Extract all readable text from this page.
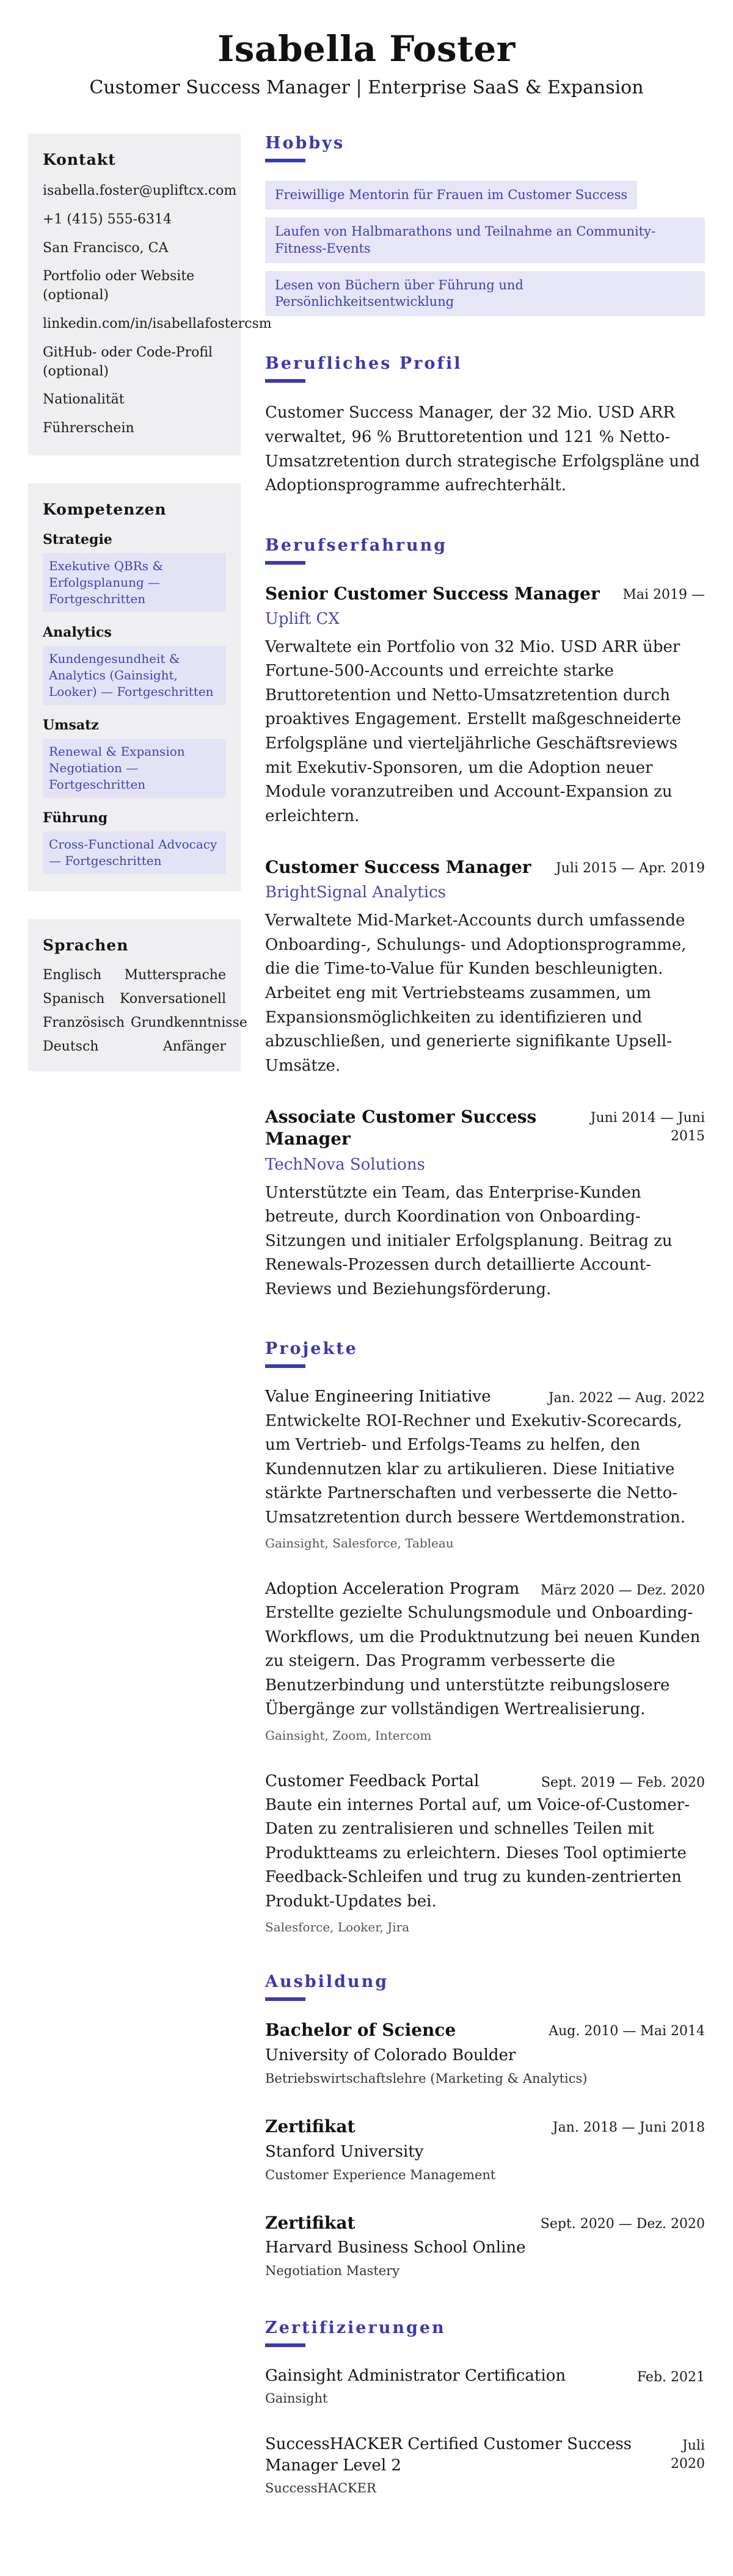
Isabella Foster
Customer Success Manager | Enterprise SaaS & Expansion
Kontakt
isabella.foster@upliftcx.com
+1 (415) 555-6314
San Francisco, CA
Portfolio oder Website (optional)
linkedin.com/in/isabellafostercsm
GitHub- oder Code-Profil (optional)
Nationalität
Führerschein
Kompetenzen
Strategie
Exekutive QBRs & Erfolgsplanung — Fortgeschritten
Analytics
Kundengesundheit & Analytics (Gainsight, Looker) — Fortgeschritten
Umsatz
Renewal & Expansion Negotiation — Fortgeschritten
Führung
Cross-Functional Advocacy — Fortgeschritten
Sprachen
Englisch Muttersprache
Spanisch Konversationell
Französisch Grundkenntnisse
Deutsch	Anfänger
Hobbys
Freiwillige Mentorin für Frauen im Customer Success
Laufen von Halbmarathons und Teilnahme an Community-Fitness-Events
Lesen von Büchern über Führung und Persönlichkeitsentwicklung
Berufliches Profil

Customer Success Manager, der 32 Mio. USD ARR verwaltet, 96 % Bruttoretention und 121 % Netto-Umsatzretention durch strategische Erfolgspläne und Adoptionsprogramme aufrechterhält.

Berufserfahrung
Senior Customer Success Manager Mai 2019 —
Uplift CX

Verwaltete ein Portfolio von 32 Mio. USD ARR über Fortune-500-Accounts und erreichte starke Bruttoretention und Netto-Umsatzretention durch proaktives Engagement. Erstellt maßgeschneiderte Erfolgspläne und vierteljährliche Geschäftsreviews mit Exekutiv-Sponsoren, um die Adoption neuer Module voranzutreiben und Account-Expansion zu erleichtern.

Customer Success Manager Juli 2015 — Apr. 2019
BrightSignal Analytics

Verwaltete Mid-Market-Accounts durch umfassende Onboarding-, Schulungs- und Adoptionsprogramme, die die Time-to-Value für Kunden beschleunigten. Arbeitet eng mit Vertriebsteams zusammen, um Expansionsmöglichkeiten zu identifizieren und abzuschließen, und generierte signifikante Upsell-Umsätze.

Associate Customer Success Manager
Juni 2014 — Juni 2015
TechNova Solutions

Unterstützte ein Team, das Enterprise-Kunden betreute, durch Koordination von Onboarding-Sitzungen und initialer Erfolgsplanung. Beitrag zu Renewals-Prozessen durch detaillierte Account-Reviews und Beziehungsförderung.

Projekte
Value Engineering Initiative	Jan. 2022 — Aug. 2022

Entwickelte ROI-Rechner und Exekutiv-Scorecards, um Vertrieb- und Erfolgs-Teams zu helfen, den Kundennutzen klar zu artikulieren. Diese Initiative stärkte Partnerschaften und verbesserte die Netto-Umsatzretention durch bessere Wertdemonstration.

Gainsight, Salesforce, Tableau
Adoption Acceleration Program März 2020 — Dez. 2020

Erstellte gezielte Schulungsmodule und Onboarding-Workflows, um die Produktnutzung bei neuen Kunden zu steigern. Das Programm verbesserte die Benutzerbindung und unterstützte reibungslosere Übergänge zur vollständigen Wertrealisierung.

Gainsight, Zoom, Intercom
Customer Feedback Portal	Sept. 2019 — Feb. 2020

Baute ein internes Portal auf, um Voice-of-Customer-Daten zu zentralisieren und schnelles Teilen mit Produktteams zu erleichtern. Dieses Tool optimierte Feedback-Schleifen und trug zu kunden-zentrierten Produkt-Updates bei.

Salesforce, Looker, Jira
Ausbildung
Bachelor of Science	Aug. 2010 — Mai 2014
University of Colorado Boulder
Betriebswirtschaftslehre (Marketing & Analytics)
Zertifikat	Jan. 2018 — Juni 2018
Stanford University
Customer Experience Management
Zertifikat	Sept. 2020 — Dez. 2020
Harvard Business School Online
Negotiation Mastery
Zertifizierungen
Gainsight Administrator Certification	Feb. 2021
Gainsight
SuccessHACKER Certified Customer Success Manager Level 2
Juli 2020
SuccessHACKER
